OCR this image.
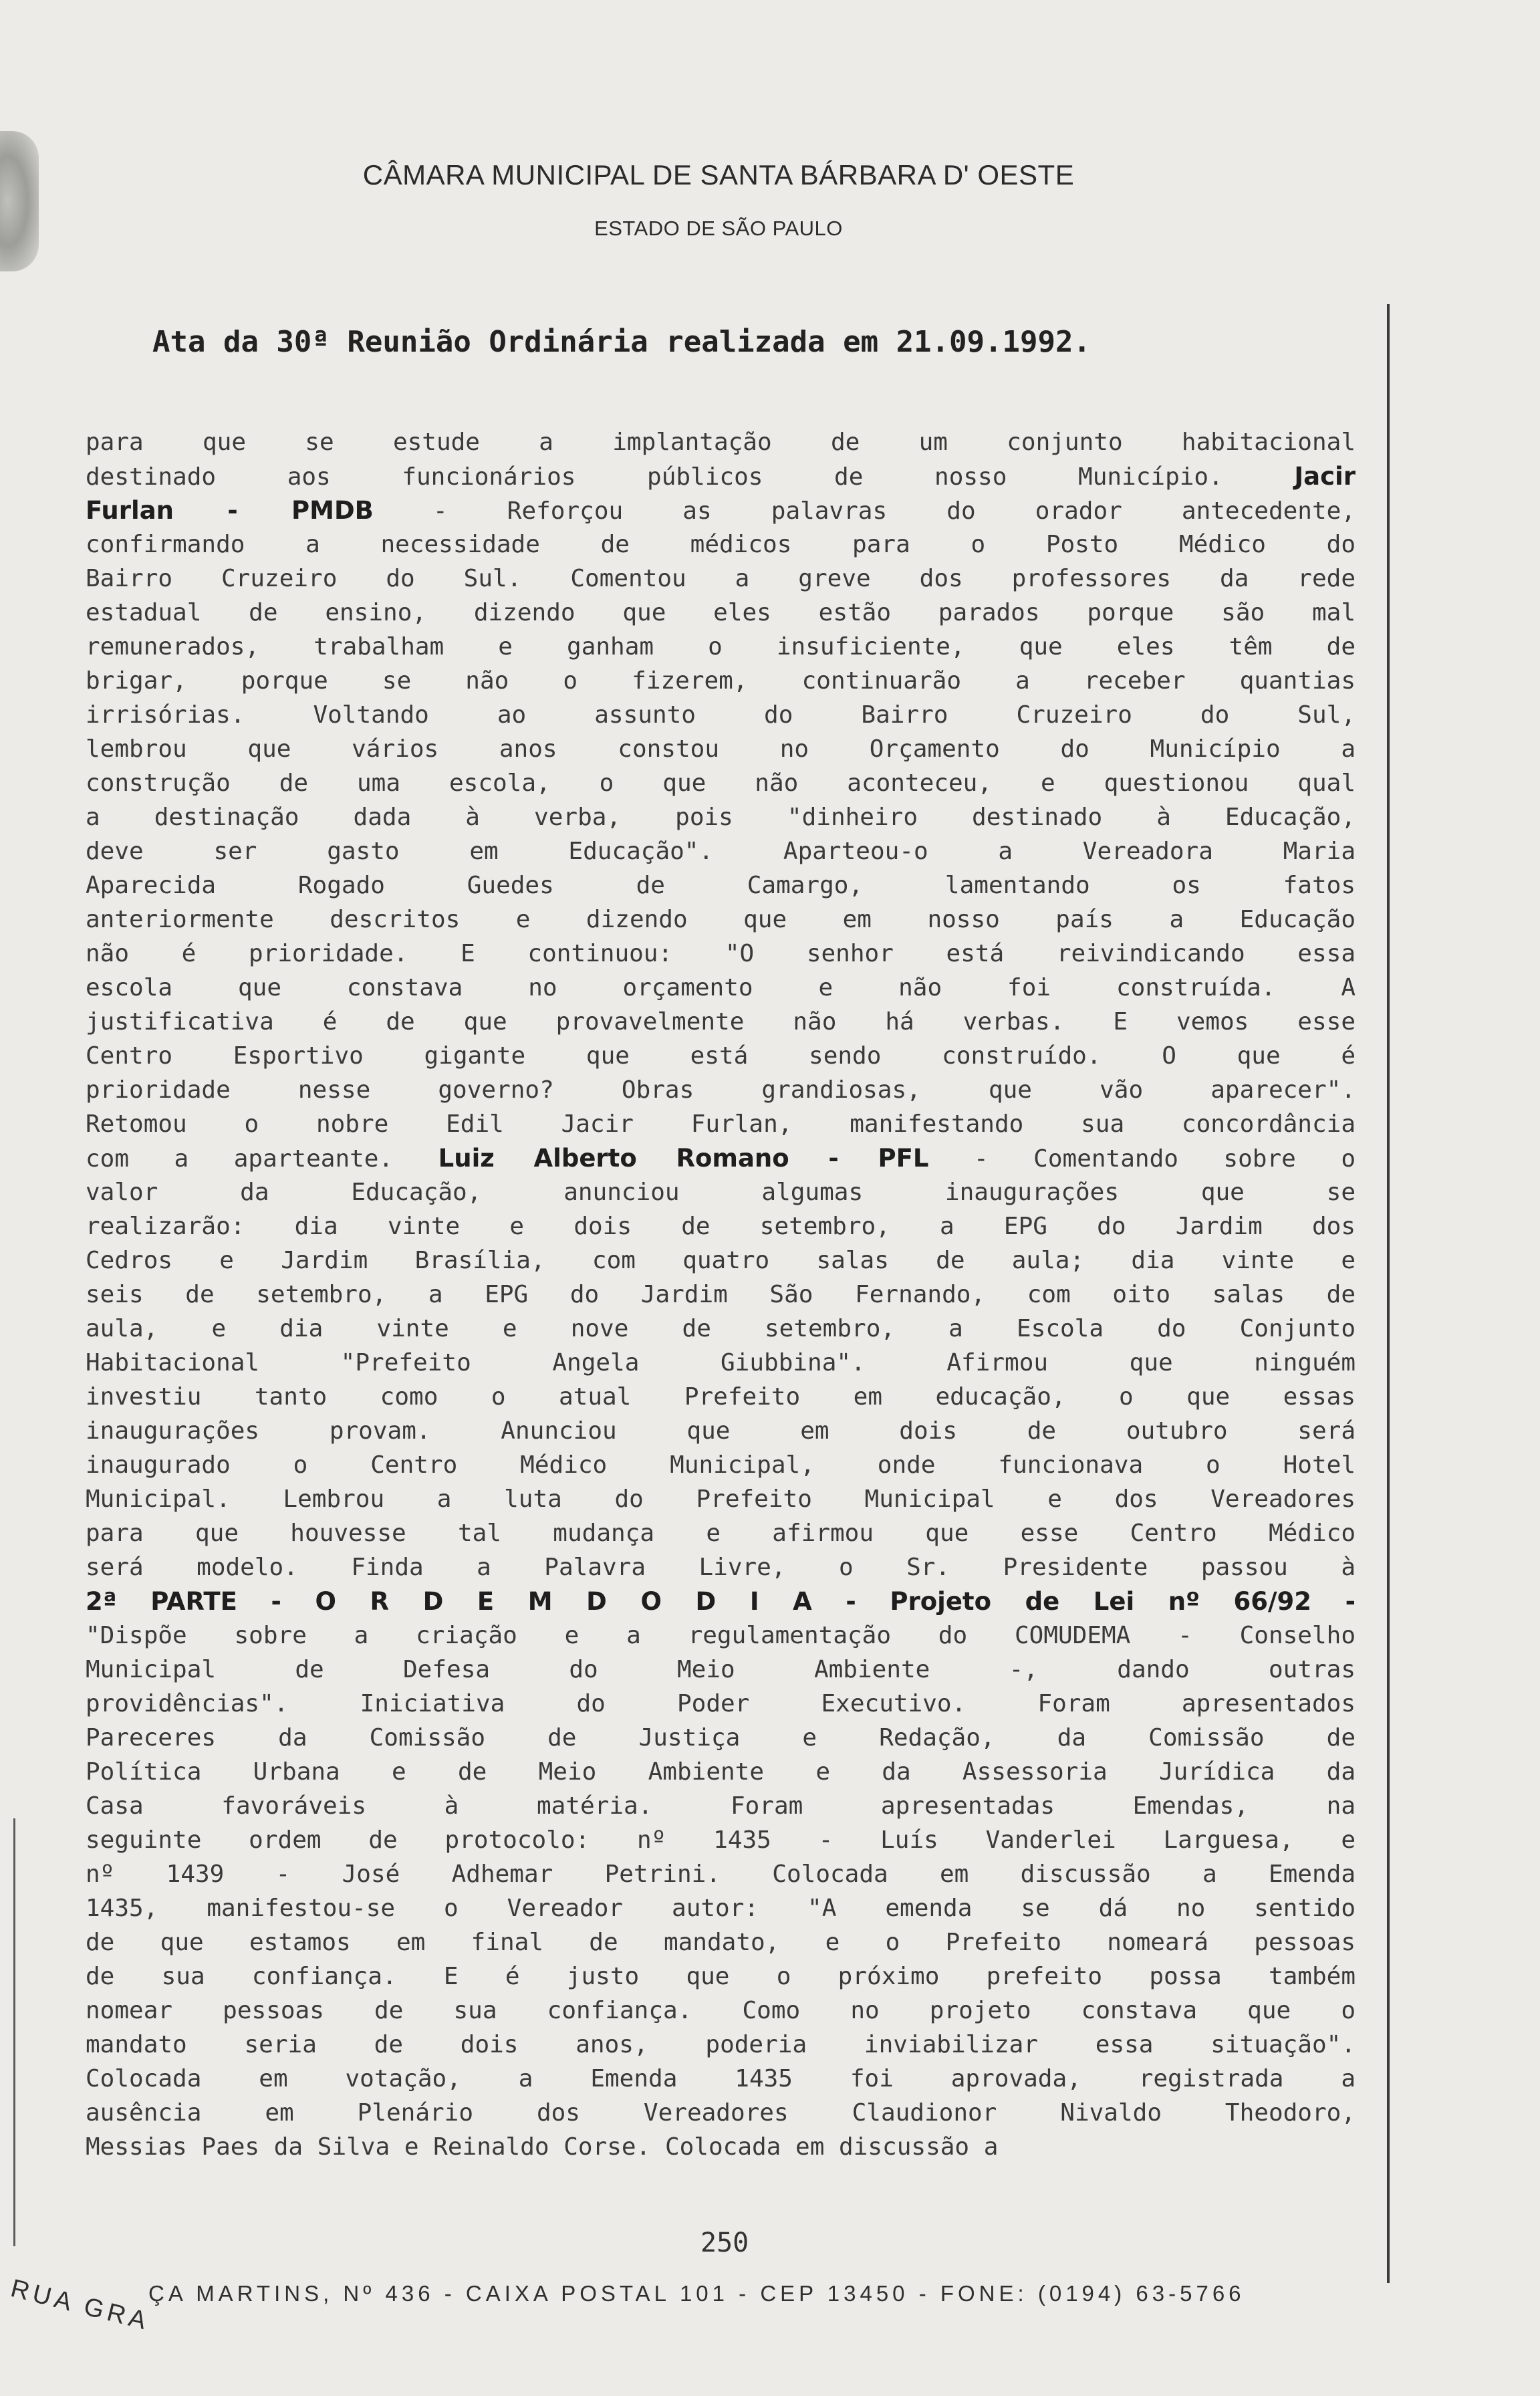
CÂMARA MUNICIPAL DE SANTA BÁRBARA D' OESTE
ESTADO DE SÃO PAULO
Ata da 30ª Reunião Ordinária realizada em 21.09.1992.
para que se estude a implantação de um conjunto habitacional
destinado aos funcionários públicos de nosso Município. Jacir
Furlan - PMDB - Reforçou as palavras do orador antecedente,
confirmando a necessidade de médicos para o Posto Médico do
Bairro Cruzeiro do Sul. Comentou a greve dos professores da rede
estadual de ensino, dizendo que eles estão parados porque são mal
remunerados, trabalham e ganham o insuficiente, que eles têm de
brigar, porque se não o fizerem, continuarão a receber quantias
irrisórias. Voltando ao assunto do Bairro Cruzeiro do Sul,
lembrou que vários anos constou no Orçamento do Município a
construção de uma escola, o que não aconteceu, e questionou qual
a destinação dada à verba, pois "dinheiro destinado à Educação,
deve ser gasto em Educação". Aparteou-o a Vereadora Maria
Aparecida Rogado Guedes de Camargo, lamentando os fatos
anteriormente descritos e dizendo que em nosso país a Educação
não é prioridade. E continuou: "O senhor está reivindicando essa
escola que constava no orçamento e não foi construída. A
justificativa é de que provavelmente não há verbas. E vemos esse
Centro Esportivo gigante que está sendo construído. O que é
prioridade nesse governo? Obras grandiosas, que vão aparecer".
Retomou o nobre Edil Jacir Furlan, manifestando sua concordância
com a aparteante. Luiz Alberto Romano - PFL - Comentando sobre o
valor da Educação, anunciou algumas inaugurações que se
realizarão: dia vinte e dois de setembro, a EPG do Jardim dos
Cedros e Jardim Brasília, com quatro salas de aula; dia vinte e
seis de setembro, a EPG do Jardim São Fernando, com oito salas de
aula, e dia vinte e nove de setembro, a Escola do Conjunto
Habitacional "Prefeito Angela Giubbina". Afirmou que ninguém
investiu tanto como o atual Prefeito em educação, o que essas
inaugurações provam. Anunciou que em dois de outubro será
inaugurado o Centro Médico Municipal, onde funcionava o Hotel
Municipal. Lembrou a luta do Prefeito Municipal e dos Vereadores
para que houvesse tal mudança e afirmou que esse Centro Médico
será modelo. Finda a Palavra Livre, o Sr. Presidente passou à
2ª PARTE - O R D E M D O D I A - Projeto de Lei nº 66/92 -
"Dispõe sobre a criação e a regulamentação do COMUDEMA - Conselho
Municipal de Defesa do Meio Ambiente -, dando outras
providências". Iniciativa do Poder Executivo. Foram apresentados
Pareceres da Comissão de Justiça e Redação, da Comissão de
Política Urbana e de Meio Ambiente e da Assessoria Jurídica da
Casa favoráveis à matéria. Foram apresentadas Emendas, na
seguinte ordem de protocolo: nº 1435 - Luís Vanderlei Larguesa, e
nº 1439 - José Adhemar Petrini. Colocada em discussão a Emenda
1435, manifestou-se o Vereador autor: "A emenda se dá no sentido
de que estamos em final de mandato, e o Prefeito nomeará pessoas
de sua confiança. E é justo que o próximo prefeito possa também
nomear pessoas de sua confiança. Como no projeto constava que o
mandato seria de dois anos, poderia inviabilizar essa situação".
Colocada em votação, a Emenda 1435 foi aprovada, registrada a
ausência em Plenário dos Vereadores Claudionor Nivaldo Theodoro,
Messias Paes da Silva e Reinaldo Corse. Colocada em discussão a
250
RUA GRA
ÇA MARTINS, Nº 436 - CAIXA POSTAL 101 - CEP 13450 - FONE: (0194) 63-5766
